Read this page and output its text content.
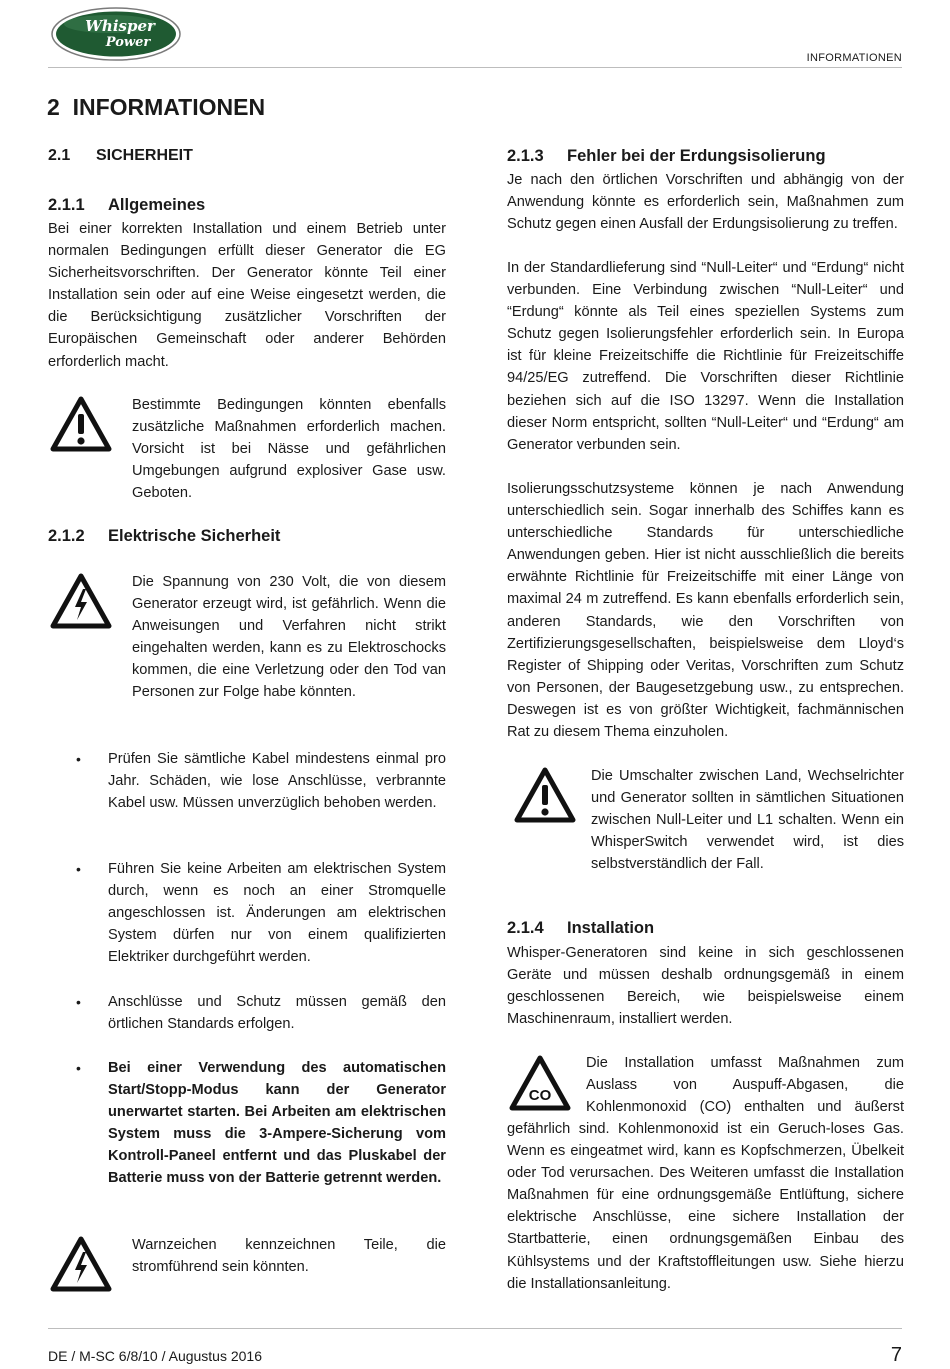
Whisper
Power
INFORMATIONEN
2  INFORMATIONEN
2.1 SICHERHEIT
2.1.1 Allgemeines

Bei einer korrekten Installation und einem Betrieb unter normalen Bedingungen erfüllt dieser Generator die EG Sicherheitsvorschriften. Der Generator könnte Teil einer Installation sein oder auf eine Weise eingesetzt werden, die die Berücksichtigung zusätzlicher Vorschriften der Europäischen Gemeinschaft oder anderer Behörden erforderlich macht.

Bestimmte Bedingungen könnten ebenfalls zusätzliche Maßnahmen erforderlich machen. Vorsicht ist bei Nässe und gefährlichen Umgebungen aufgrund explosiver Gase usw. Geboten.

2.1.2 Elektrische Sicherheit

Die Spannung von 230 Volt, die von diesem Generator erzeugt wird, ist gefährlich. Wenn die Anweisungen und Verfahren nicht strikt eingehalten werden, kann es zu Elektroschocks kommen, die eine Verletzung oder den Tod van Personen zur Folge habe könnten.

• Prüfen Sie sämtliche Kabel mindestens einmal pro Jahr. Schäden, wie lose Anschlüsse, verbrannte Kabel usw. Müssen unverzüglich behoben werden.

• Führen Sie keine Arbeiten am elektrischen System durch, wenn es noch an einer Stromquelle angeschlossen ist. Änderungen am elektrischen System dürfen nur von einem qualifizierten Elektriker durchgeführt werden.

• Anschlüsse und Schutz müssen gemäß den örtlichen Standards erfolgen.

• Bei einer Verwendung des automatischen Start/Stopp-Modus kann der Generator unerwartet starten. Bei Arbeiten am elektrischen System muss die 3-Ampere-Sicherung vom Kontroll-Paneel entfernt und das Pluskabel der Batterie muss von der Batterie getrennt werden.

Warnzeichen kennzeichnen Teile, die stromführend sein könnten.

2.1.3 Fehler bei der Erdungsisolierung

Je nach den örtlichen Vorschriften und abhängig von der Anwendung könnte es erforderlich sein, Maßnahmen zum Schutz gegen einen Ausfall der Erdungsisolierung zu treffen.

In der Standardlieferung sind “Null-Leiter“ und “Erdung“ nicht verbunden. Eine Verbindung zwischen “Null-Leiter“ und “Erdung“ könnte als Teil eines speziellen Systems zum Schutz gegen Isolierungsfehler erforderlich sein. In Europa ist für kleine Freizeitschiffe die Richtlinie für Freizeitschiffe 94/25/EG zutreffend. Die Vorschriften dieser Richtlinie beziehen sich auf die ISO 13297. Wenn die Installation dieser Norm entspricht, sollten “Null-Leiter“ und “Erdung“ am Generator verbunden sein.

Isolierungsschutzsysteme können je nach Anwendung unterschiedlich sein. Sogar innerhalb des Schiffes kann es unterschiedliche Standards für unterschiedliche Anwendungen geben. Hier ist nicht ausschließlich die bereits erwähnte Richtlinie für Freizeitschiffe mit einer Länge von maximal 24 m zutreffend. Es kann ebenfalls erforderlich sein, anderen Standards, wie den Vorschriften von Zertifizierungsgesellschaften, beispielsweise dem Lloyd‘s Register of Shipping oder Veritas, Vorschriften zum Schutz von Personen, der Baugesetzgebung usw., zu entsprechen. Deswegen ist es von größter Wichtigkeit, fachmännischen Rat zu diesem Thema einzuholen.

Die Umschalter zwischen Land, Wechselrichter und Generator sollten in sämtlichen Situationen zwischen Null-Leiter und L1 schalten. Wenn ein WhisperSwitch verwendet wird, ist dies selbstverständlich der Fall.

2.1.4 Installation

Whisper-Generatoren sind keine in sich geschlossenen Geräte und müssen deshalb ordnungsgemäß in einem geschlossenen Bereich, wie beispielsweise einem Maschinenraum, installiert werden.

CO

Die Installation umfasst Maßnahmen zum

Auslass von Auspuff-Abgasen, die

Kohlenmonoxid (CO) enthalten und äußerst

gefährlich sind. Kohlenmonoxid ist ein Geruch-loses Gas. Wenn es eingeatmet wird, kann es Kopfschmerzen, Übelkeit oder Tod verursachen. Des Weiteren umfasst die Installation Maßnahmen für eine ordnungsgemäße Entlüftung, sichere elektrische Anschlüsse, eine sichere Installation der Startbatterie, einen ordnungsgemäßen Einbau des Kühlsystems und der Kraftstoffleitungen usw. Siehe hierzu die Installationsanleitung.

DE / M-SC 6/8/10 / Augustus 2016	7
